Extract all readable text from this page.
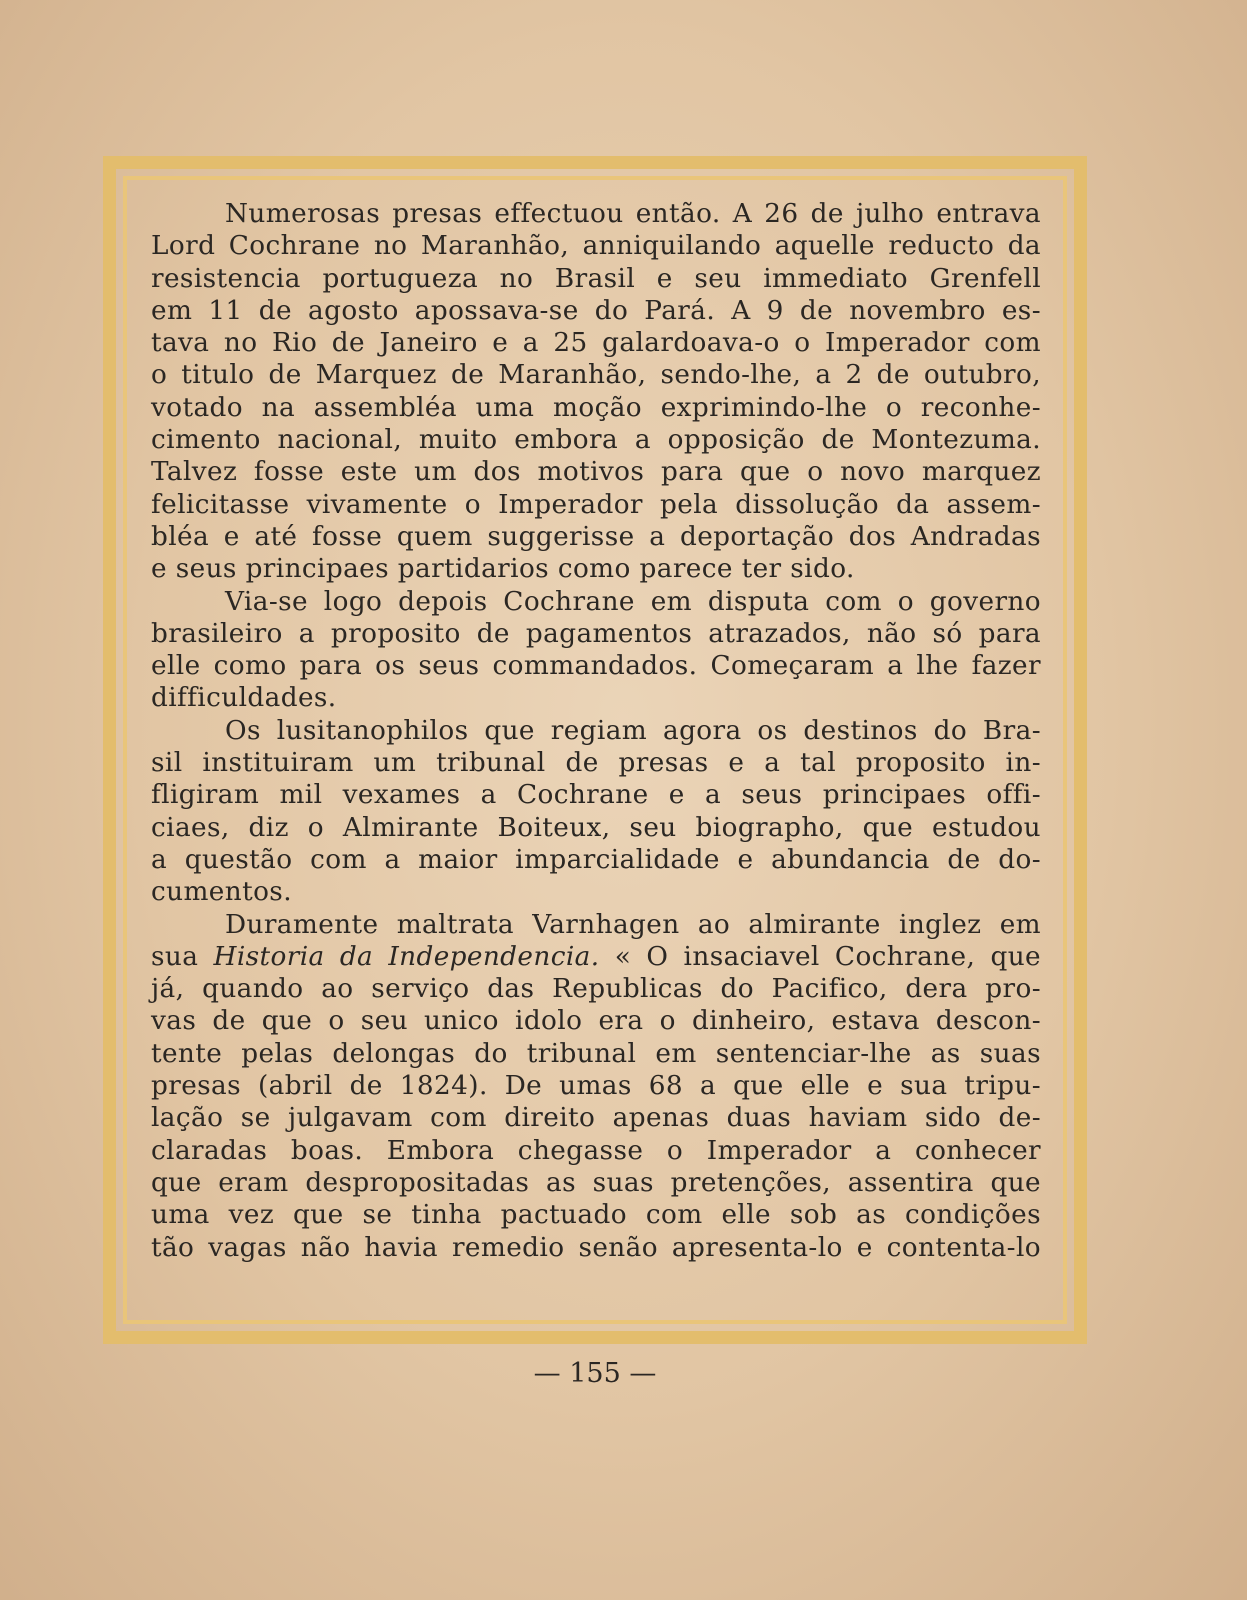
Numerosas presas effectuou então. A 26 de julho entrava
Lord Cochrane no Maranhão, anniquilando aquelle reducto da
resistencia portugueza no Brasil e seu immediato Grenfell
em 11 de agosto apossava-se do Pará. A 9 de novembro es-
tava no Rio de Janeiro e a 25 galardoava-o o Imperador com
o titulo de Marquez de Maranhão, sendo-lhe, a 2 de outubro,
votado na assembléa uma moção exprimindo-lhe o reconhe-
cimento nacional, muito embora a opposição de Montezuma.
Talvez fosse este um dos motivos para que o novo marquez
felicitasse vivamente o Imperador pela dissolução da assem-
bléa e até fosse quem suggerisse a deportação dos Andradas
e seus principaes partidarios como parece ter sido.
Via-se logo depois Cochrane em disputa com o governo
brasileiro a proposito de pagamentos atrazados, não só para
elle como para os seus commandados. Começaram a lhe fazer
difficuldades.
Os lusitanophilos que regiam agora os destinos do Bra-
sil instituiram um tribunal de presas e a tal proposito in-
fligiram mil vexames a Cochrane e a seus principaes offi-
ciaes, diz o Almirante Boiteux, seu biographo, que estudou
a questão com a maior imparcialidade e abundancia de do-
cumentos.
Duramente maltrata Varnhagen ao almirante inglez em
sua Historia da Independencia. « O insaciavel Cochrane, que
já, quando ao serviço das Republicas do Pacifico, dera pro-
vas de que o seu unico idolo era o dinheiro, estava descon-
tente pelas delongas do tribunal em sentenciar-lhe as suas
presas (abril de 1824). De umas 68 a que elle e sua tripu-
lação se julgavam com direito apenas duas haviam sido de-
claradas boas. Embora chegasse o Imperador a conhecer
que eram despropositadas as suas pretenções, assentira que
uma vez que se tinha pactuado com elle sob as condições
tão vagas não havia remedio senão apresenta-lo e contenta-lo
— 155 —
